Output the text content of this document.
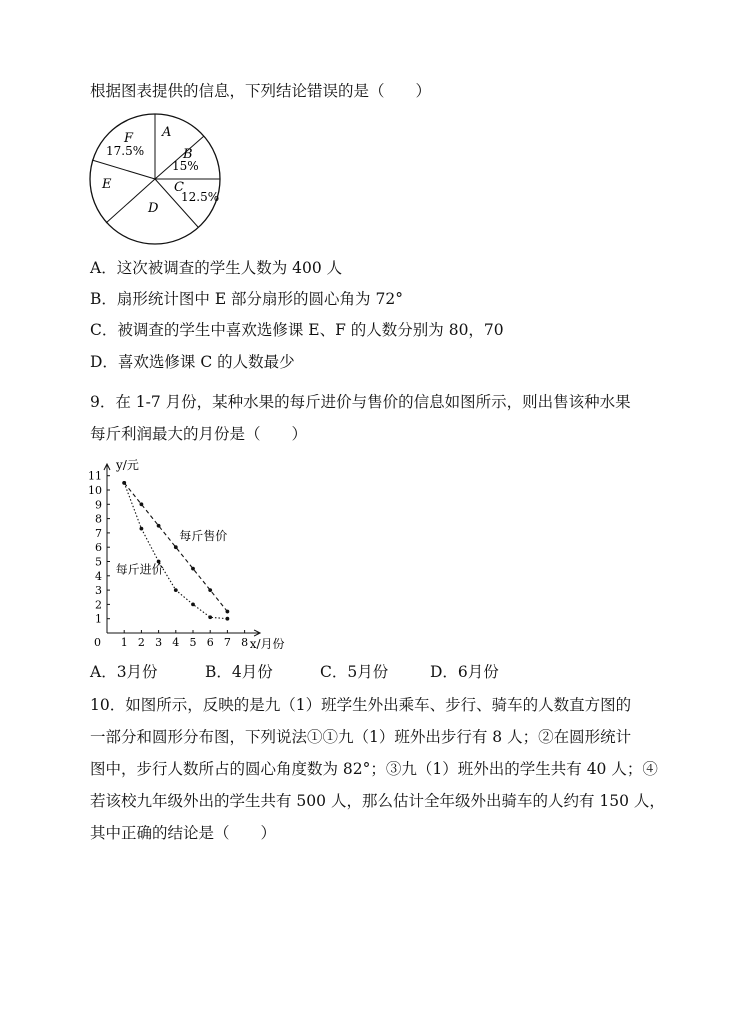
根据图表提供的信息，下列结论错误的是（　　）
A
B
15%
C
12.5%
D
E
F
17.5%
A．这次被调查的学生人数为 400 人
B．扇形统计图中 E 部分扇形的圆心角为 72°
C．被调查的学生中喜欢选修课 E、F 的人数分别为 80，70
D．喜欢选修课 C 的人数最少
9．在 1-7 月份，某种水果的每斤进价与售价的信息如图所示，则出售该种水果
每斤利润最大的月份是（　　）
y/元
x/月份
0 1 2 3 4 5 6 7 8
1
2
3
4
5
6
7
8
9
10
11
每斤售价
每斤进价
A．3月份	B．4月份	C．5月份	D．6月份
10．如图所示，反映的是九（1）班学生外出乘车、步行、骑车的人数直方图的
一部分和圆形分布图，下列说法①①九（1）班外出步行有 8 人；②在圆形统计
图中，步行人数所占的圆心角度数为 82°；③九（1）班外出的学生共有 40 人；④
若该校九年级外出的学生共有 500 人，那么估计全年级外出骑车的人约有 150 人，
其中正确的结论是（　　）
